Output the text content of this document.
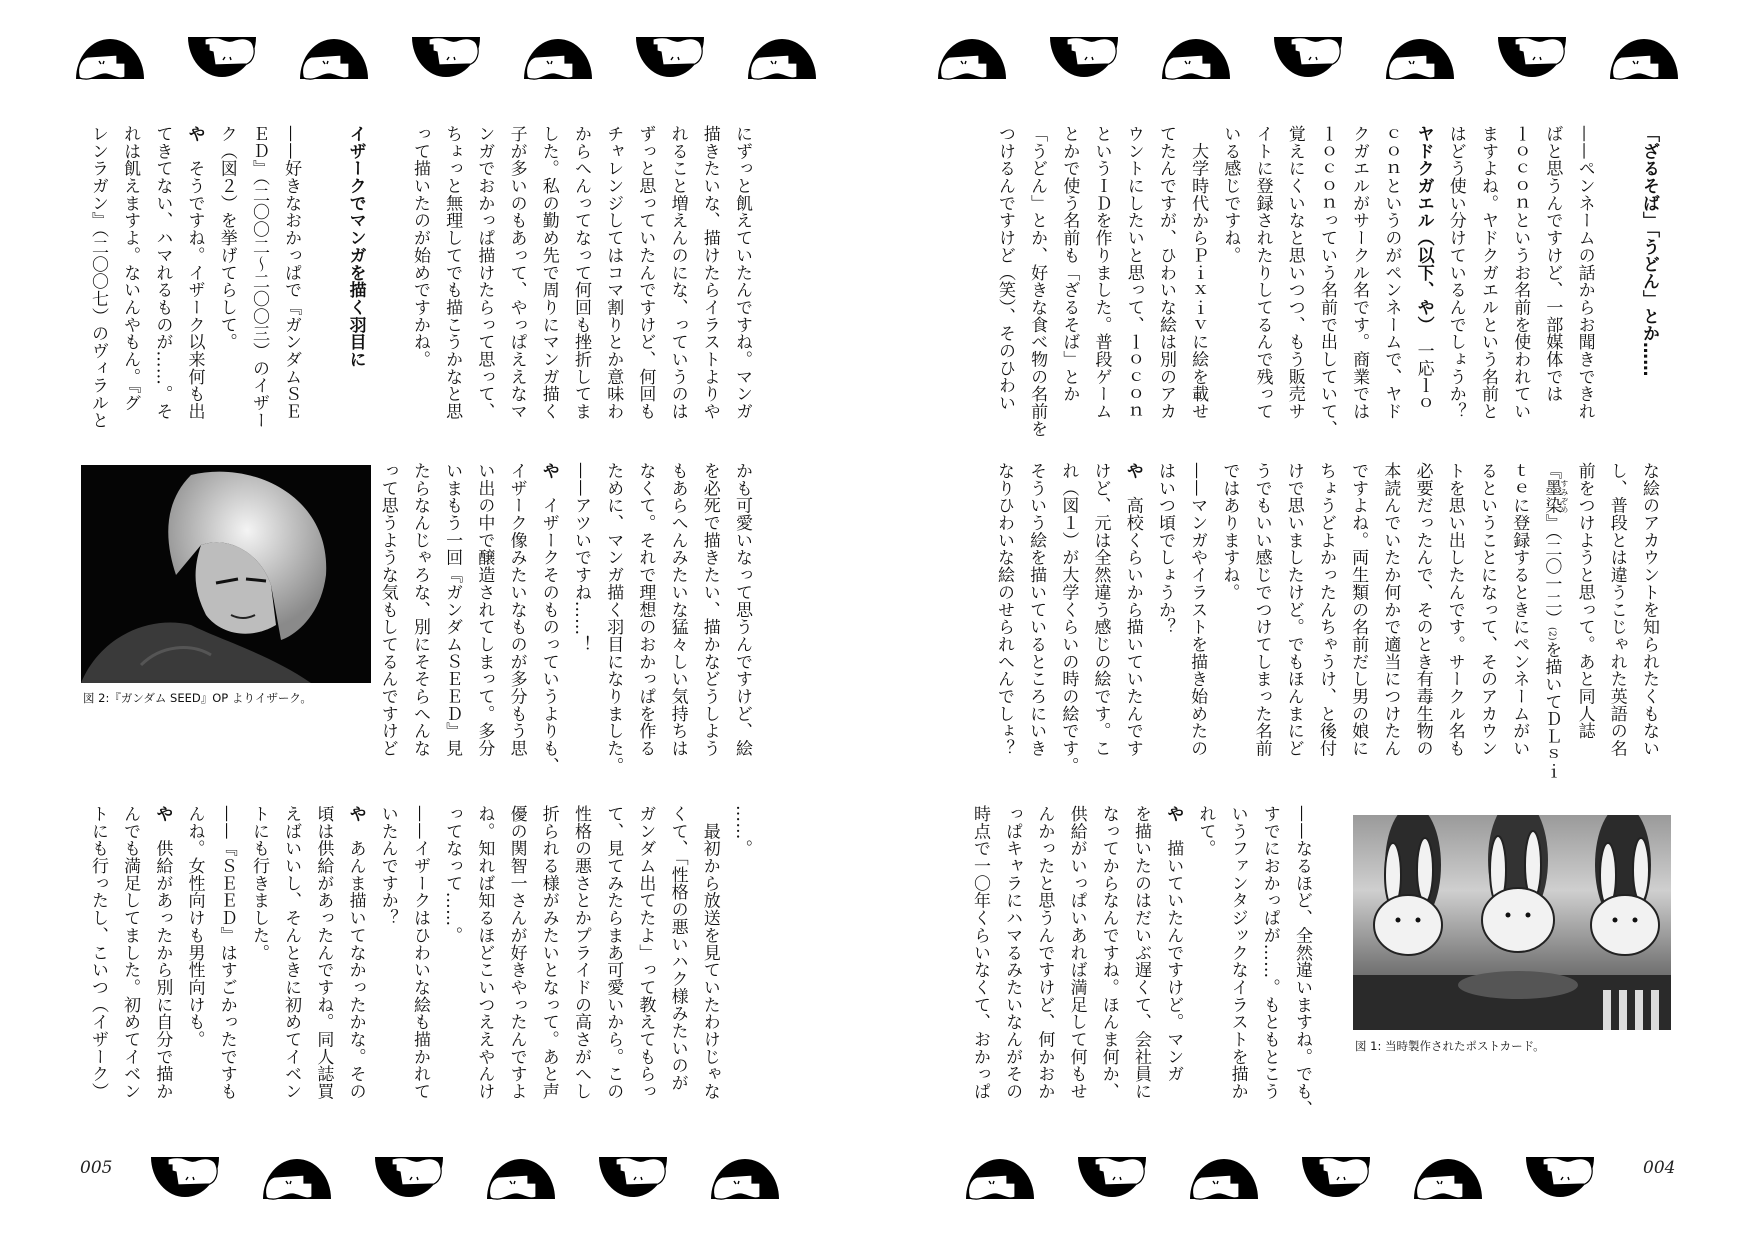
「ざるそば」「うどん」とか……

——ペンネームの話からお聞きできれ
ばと思うんですけど、一部媒体では
ｌｏｃｏｎというお名前を使われてい
ますよね。ヤドクガエルという名前と
はどう使い分けているんでしょうか？
ヤドクガエル（以下、や）　一応ｌｏ
ｃｏｎというのがペンネームで、ヤド
クガエルがサークル名です。商業では
ｌｏｃｏｎっていう名前で出していて、
覚えにくいなと思いつつ、もう販売サ
イトに登録されたりしてるんで残って
いる感じですね。
　大学時代からＰｉｘｉｖに絵を載せ
てたんですが、ひわいな絵は別のアカ
ウントにしたいと思って、ｌｏｃｏｎ
というＩＤを作りました。普段ゲーム
とかで使う名前も「ざるそば」とか
「うどん」とか、好きな食べ物の名前を
つけるんですけど（笑）、そのひわい
な絵のアカウントを知られたくもない
し、普段とは違うこじゃれた英語の名
前をつけようと思って。あと同人誌
『墨染すみぞめ』（二〇一二）(2)を描いてＤＬｓｉ
ｔｅに登録するときにペンネームがい
るということになって、そのアカウン
トを思い出したんです。サークル名も
必要だったんで、そのとき有毒生物の
本読んでいたか何かで適当につけたん
ですよね。両生類の名前だし男の娘に
ちょうどよかったんちゃうけ、と後付
けで思いましたけど。でもほんまにど
うでもいい感じでつけてしまった名前
ではありますね。
——マンガやイラストを描き始めたの
はいつ頃でしょうか？
や　高校くらいから描いていたんです
けど、元は全然違う感じの絵です。こ
れ（図１）が大学くらいの時の絵です。
そういう絵を描いているところにいき
なりひわいな絵のせられへんでしょ？
——なるほど、全然違いますね。でも、
すでにおかっぱが……。もともとこう
いうファンタジックなイラストを描か
れて。
や　描いていたんですけど。マンガ
を描いたのはだいぶ遅くて、会社員に
なってからなんですね。ほんま何か、
供給がいっぱいあれば満足して何もせ
んかったと思うんですけど、何かおか
っぱキャラにハマるみたいなんがその
時点で一〇年くらいなくて、おかっぱ	図 1: 当時製作されたポストカード。
004
にずっと飢えていたんですね。マンガ
描きたいな、描けたらイラストよりや
れること増えんのにな、っていうのは
ずっと思っていたんですけど、何回も
チャレンジしてはコマ割りとか意味わ
からへんってなって何回も挫折してま
した。私の勤め先で周りにマンガ描く
子が多いのもあって、やっぱええなマ
ンガでおかっぱ描けたらって思って、
ちょっと無理してでも描こうかなと思
って描いたのが始めですかね。

イザークでマンガを描く羽目に

——好きなおかっぱで『ガンダムＳＥ
ＥＤ』（二〇〇二〜二〇〇三）のイザー
ク（図２）を挙げてらして。
や　そうですね。イザーク以来何も出
てきてない、ハマれるものが……。そ
れは飢えますよ。ないんやもん。『グ
レンラガン』（二〇〇七）のヴィラルと
かも可愛いなって思うんですけど、絵
を必死で描きたい、描かなどうしよう
もあらへんみたいな猛々しい気持ちは
なくて。それで理想のおかっぱを作る
ために、マンガ描く羽目になりました。
——アツいですね……！
や　イザークそのものっていうよりも、
イザーク像みたいなものが多分もう思
い出の中で醸造されてしまって。多分
いまもう一回『ガンダムＳＥＥＤ』見
たらなんじゃろな、別にそそらへんな
って思うような気もしてるんですけど
……。
　最初から放送を見ていたわけじゃな
くて、「性格の悪いハク様みたいのが
ガンダム出てたよ」って教えてもらっ
て、見てみたらまあ可愛いから。この
性格の悪さとかプライドの高さがへし
折られる様がみたいとなって。あと声
優の関智一さんが好きやったんですよ
ね。知れば知るほどこいつええやんけ
ってなって……。
——イザークはひわいな絵も描かれて
いたんですか？
や　あんま描いてなかったかな。その
頃は供給があったんですね。同人誌買
えばいいし、そんときに初めてイベン
トにも行きました。
——『ＳＥＥＤ』はすごかったですも
んね。女性向けも男性向けも。
や　供給があったから別に自分で描か
んでも満足してました。初めてイベン
トにも行ったし、こいつ（イザーク）
図 2:『ガンダム SEED』OP よりイザーク。
005
